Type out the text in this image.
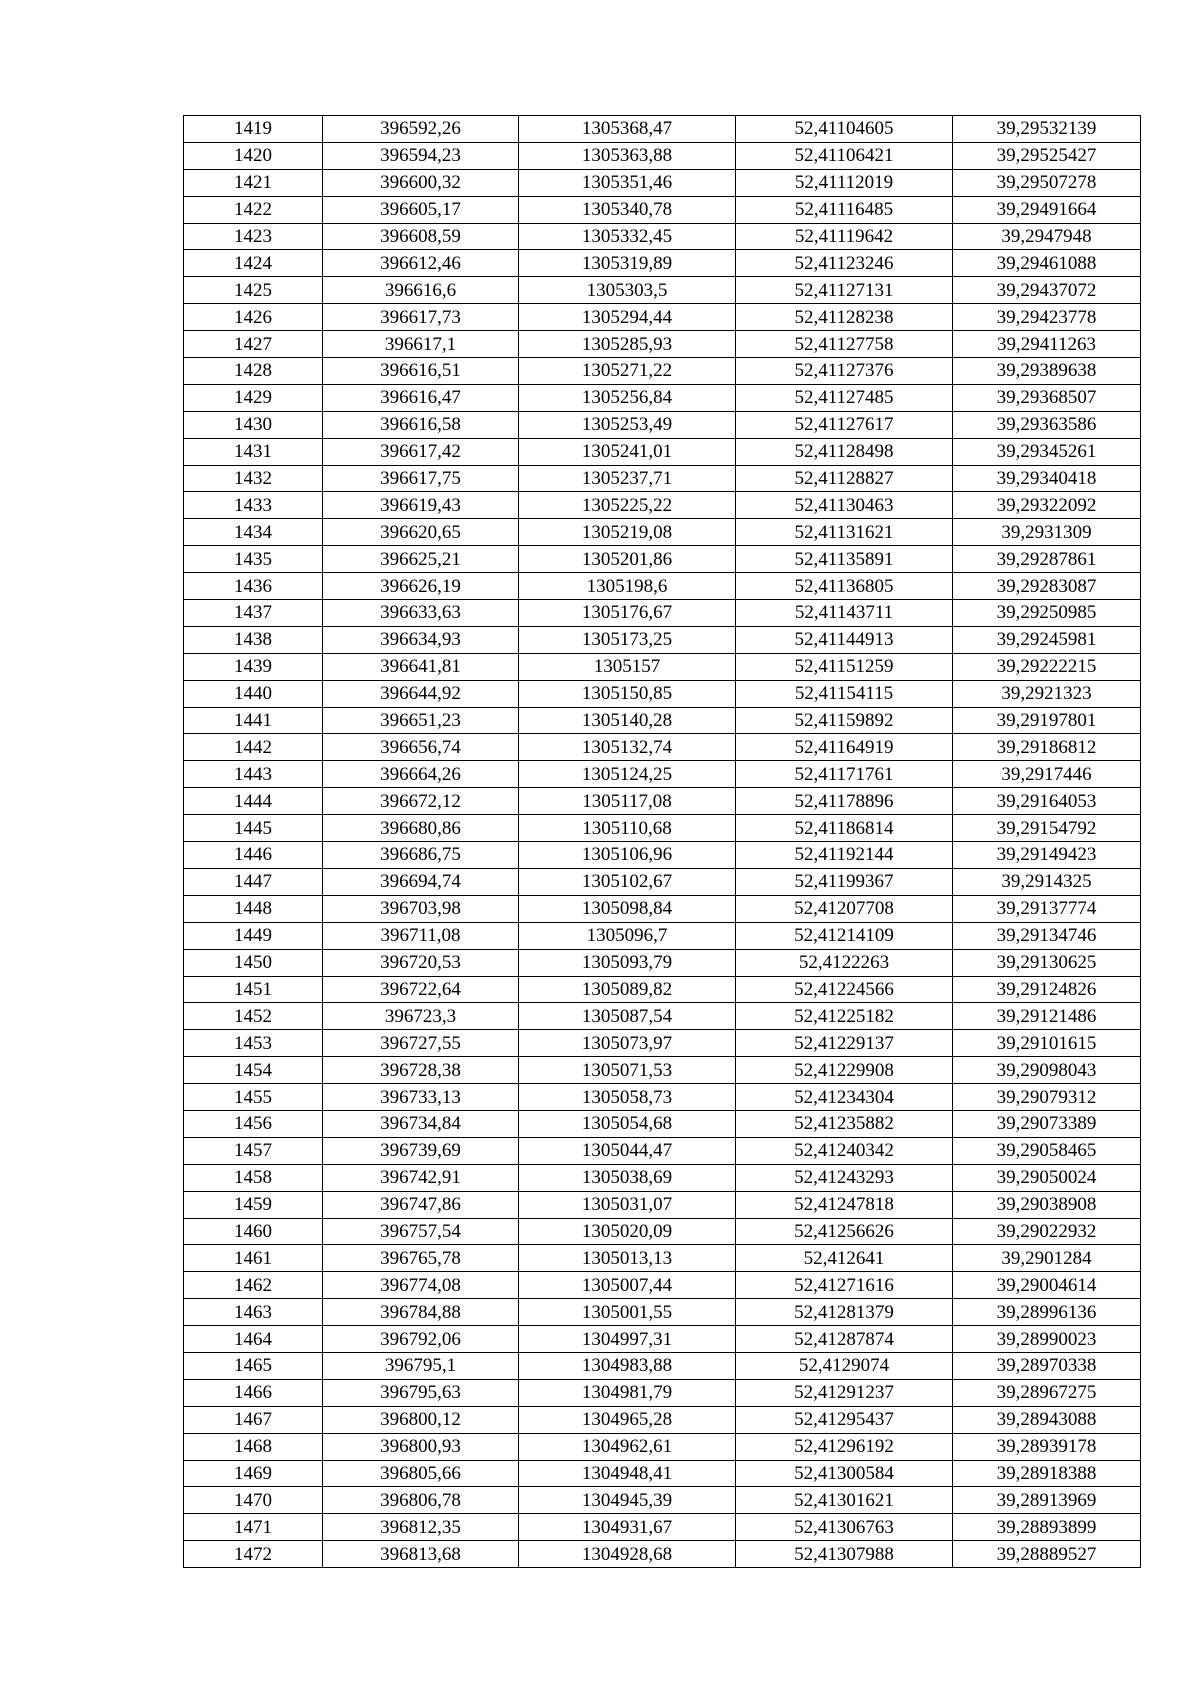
1419	396592,26	1305368,47	52,41104605	39,29532139
1420	396594,23	1305363,88	52,41106421	39,29525427
1421	396600,32	1305351,46	52,41112019	39,29507278
1422	396605,17	1305340,78	52,41116485	39,29491664
1423	396608,59	1305332,45	52,41119642	39,2947948
1424	396612,46	1305319,89	52,41123246	39,29461088
1425	396616,6	1305303,5	52,41127131	39,29437072
1426	396617,73	1305294,44	52,41128238	39,29423778
1427	396617,1	1305285,93	52,41127758	39,29411263
1428	396616,51	1305271,22	52,41127376	39,29389638
1429	396616,47	1305256,84	52,41127485	39,29368507
1430	396616,58	1305253,49	52,41127617	39,29363586
1431	396617,42	1305241,01	52,41128498	39,29345261
1432	396617,75	1305237,71	52,41128827	39,29340418
1433	396619,43	1305225,22	52,41130463	39,29322092
1434	396620,65	1305219,08	52,41131621	39,2931309
1435	396625,21	1305201,86	52,41135891	39,29287861
1436	396626,19	1305198,6	52,41136805	39,29283087
1437	396633,63	1305176,67	52,41143711	39,29250985
1438	396634,93	1305173,25	52,41144913	39,29245981
1439	396641,81	1305157	52,41151259	39,29222215
1440	396644,92	1305150,85	52,41154115	39,2921323
1441	396651,23	1305140,28	52,41159892	39,29197801
1442	396656,74	1305132,74	52,41164919	39,29186812
1443	396664,26	1305124,25	52,41171761	39,2917446
1444	396672,12	1305117,08	52,41178896	39,29164053
1445	396680,86	1305110,68	52,41186814	39,29154792
1446	396686,75	1305106,96	52,41192144	39,29149423
1447	396694,74	1305102,67	52,41199367	39,2914325
1448	396703,98	1305098,84	52,41207708	39,29137774
1449	396711,08	1305096,7	52,41214109	39,29134746
1450	396720,53	1305093,79	52,4122263	39,29130625
1451	396722,64	1305089,82	52,41224566	39,29124826
1452	396723,3	1305087,54	52,41225182	39,29121486
1453	396727,55	1305073,97	52,41229137	39,29101615
1454	396728,38	1305071,53	52,41229908	39,29098043
1455	396733,13	1305058,73	52,41234304	39,29079312
1456	396734,84	1305054,68	52,41235882	39,29073389
1457	396739,69	1305044,47	52,41240342	39,29058465
1458	396742,91	1305038,69	52,41243293	39,29050024
1459	396747,86	1305031,07	52,41247818	39,29038908
1460	396757,54	1305020,09	52,41256626	39,29022932
1461	396765,78	1305013,13	52,412641	39,2901284
1462	396774,08	1305007,44	52,41271616	39,29004614
1463	396784,88	1305001,55	52,41281379	39,28996136
1464	396792,06	1304997,31	52,41287874	39,28990023
1465	396795,1	1304983,88	52,4129074	39,28970338
1466	396795,63	1304981,79	52,41291237	39,28967275
1467	396800,12	1304965,28	52,41295437	39,28943088
1468	396800,93	1304962,61	52,41296192	39,28939178
1469	396805,66	1304948,41	52,41300584	39,28918388
1470	396806,78	1304945,39	52,41301621	39,28913969
1471	396812,35	1304931,67	52,41306763	39,28893899
1472	396813,68	1304928,68	52,41307988	39,28889527
